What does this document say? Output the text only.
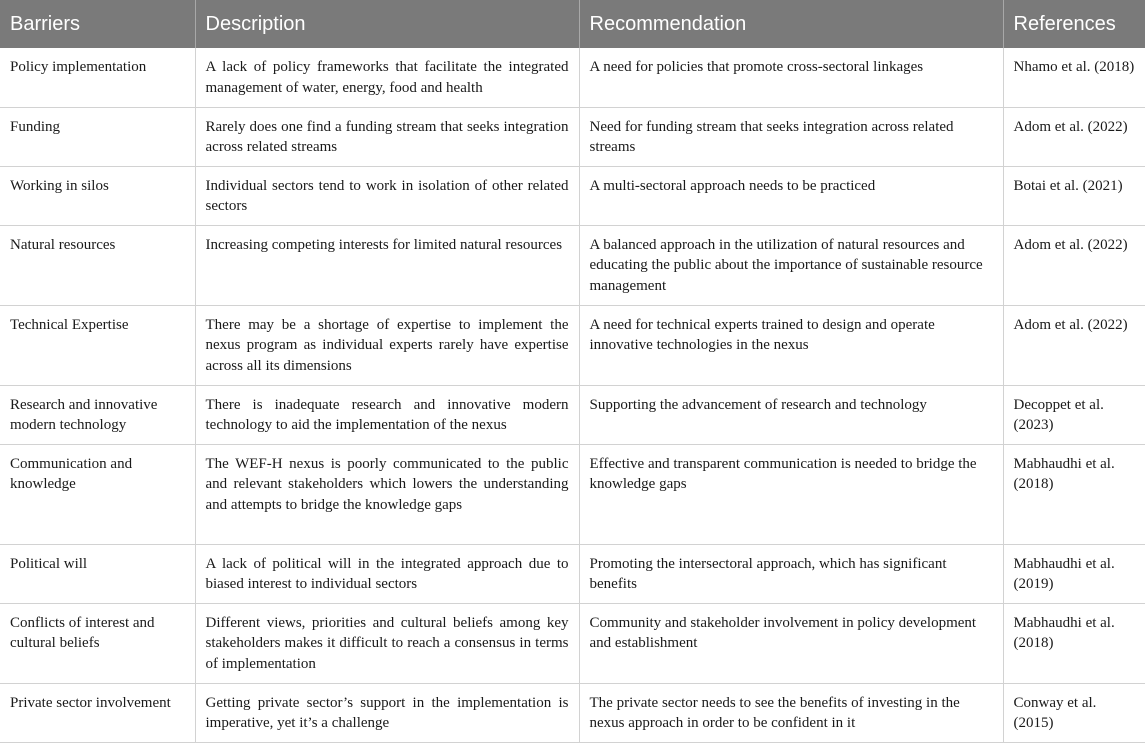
Barriers	Description	Recommendation	References
Policy implementation	A lack of policy frameworks that facilitate the integrated management of water, energy, food and health	A need for policies that promote cross-sectoral linkages	Nhamo et al. (2018)
Funding	Rarely does one find a funding stream that seeks integration across related streams	Need for funding stream that seeks integration across related streams	Adom et al. (2022)
Working in silos	Individual sectors tend to work in isolation of other related sectors	A multi-sectoral approach needs to be practiced	Botai et al. (2021)
Natural resources	Increasing competing interests for limited natural resources	A balanced approach in the utilization of natural resources and educating the public about the importance of sustainable resource management	Adom et al. (2022)
Technical Expertise	There may be a shortage of expertise to implement the nexus program as individual experts rarely have expertise across all its dimensions	A need for technical experts trained to design and operate innovative technologies in the nexus	Adom et al. (2022)
Research and innovative modern technology	There is inadequate research and innovative modern technology to aid the implementation of the nexus	Supporting the advancement of research and technology	Decoppet et al. (2023)
Communication and knowledge	The WEF-H nexus is poorly communicated to the public and relevant stakeholders which lowers the understanding and attempts to bridge the knowledge gaps	Effective and transparent communication is needed to bridge the knowledge gaps	Mabhaudhi et al. (2018)
Political will	A lack of political will in the integrated approach due to biased interest to individual sectors	Promoting the intersectoral approach, which has significant benefits	Mabhaudhi et al. (2019)
Conflicts of interest and cultural beliefs	Different views, priorities and cultural beliefs among key stakeholders makes it difficult to reach a consensus in terms of implementation	Community and stakeholder involvement in policy development and establishment	Mabhaudhi et al. (2018)
Private sector involvement	Getting private sector’s support in the implementation is imperative, yet it’s a challenge	The private sector needs to see the benefits of investing in the nexus approach in order to be confident in it	Conway et al. (2015)
